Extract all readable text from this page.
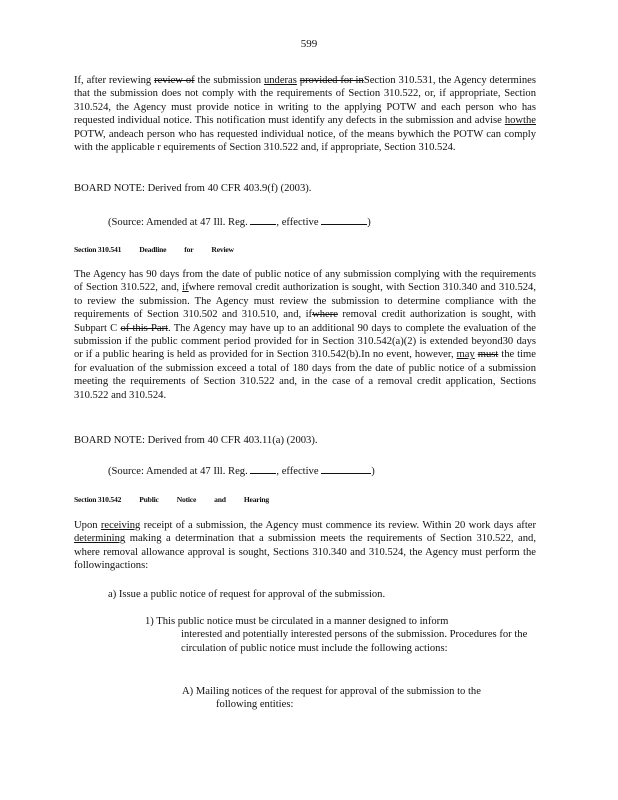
599

If, after reviewing review of the submission underas provided for inSection 310.531, the Agency determines that the submission does not comply with the requirements of Section 310.522, or, if appropriate, Section 310.524, the Agency must provide notice in writing to the applying POTW and each person who has requested individual notice. This notification must identify any defects in the submission and advise howthe POTW, andeach person who has requested individual notice, of the means bywhich the POTW can comply with the applicable r equirements of Section 310.522 and, if appropriate, Section 310.524.

BOARD NOTE: Derived from 40 CFR 403.9(f) (2003).
(Source: Amended at 47 Ill. Reg. , effective	)
Section 310.541 Deadline for Review

The Agency has 90 days from the date of public notice of any submission complying with the requirements of Section 310.522, and, ifwhere removal credit authorization is sought, with Section 310.340 and 310.524, to review the submission. The Agency must review the submission to determine compliance with the requirements of Section 310.502 and 310.510, and, ifwhere removal credit authorization is sought, with Subpart C of this Part. The Agency may have up to an additional 90 days to complete the evaluation of the submission if the public comment period provided for in Section 310.542(a)(2) is extended beyond30 days or if a public hearing is held as provided for in Section 310.542(b).In no event, however, may must the time for evaluation of the submission exceed a total of 180 days from the date of public notice of a submission meeting the requirements of Section 310.522 and, in the case of a removal credit application, Sections 310.522 and 310.524.

BOARD NOTE: Derived from 40 CFR 403.11(a) (2003).
(Source: Amended at 47 Ill. Reg. , effective	)
Section 310.542 Public Notice and Hearing

Upon receiving receipt of a submission, the Agency must commence its review. Within 20 work days after determining making a determination that a submission meets the requirements of Section 310.522, and, where removal allowance approval is sought, Sections 310.340 and 310.524, the Agency must perform the followingactions:

a) Issue a public notice of request for approval of the submission.
1) This public notice must be circulated in a manner designed to inform
interested and potentially interested persons of the submission. Procedures for the circulation of public notice must include the following actions:
A) Mailing notices of the request for approval of the submission to the
following entities:
